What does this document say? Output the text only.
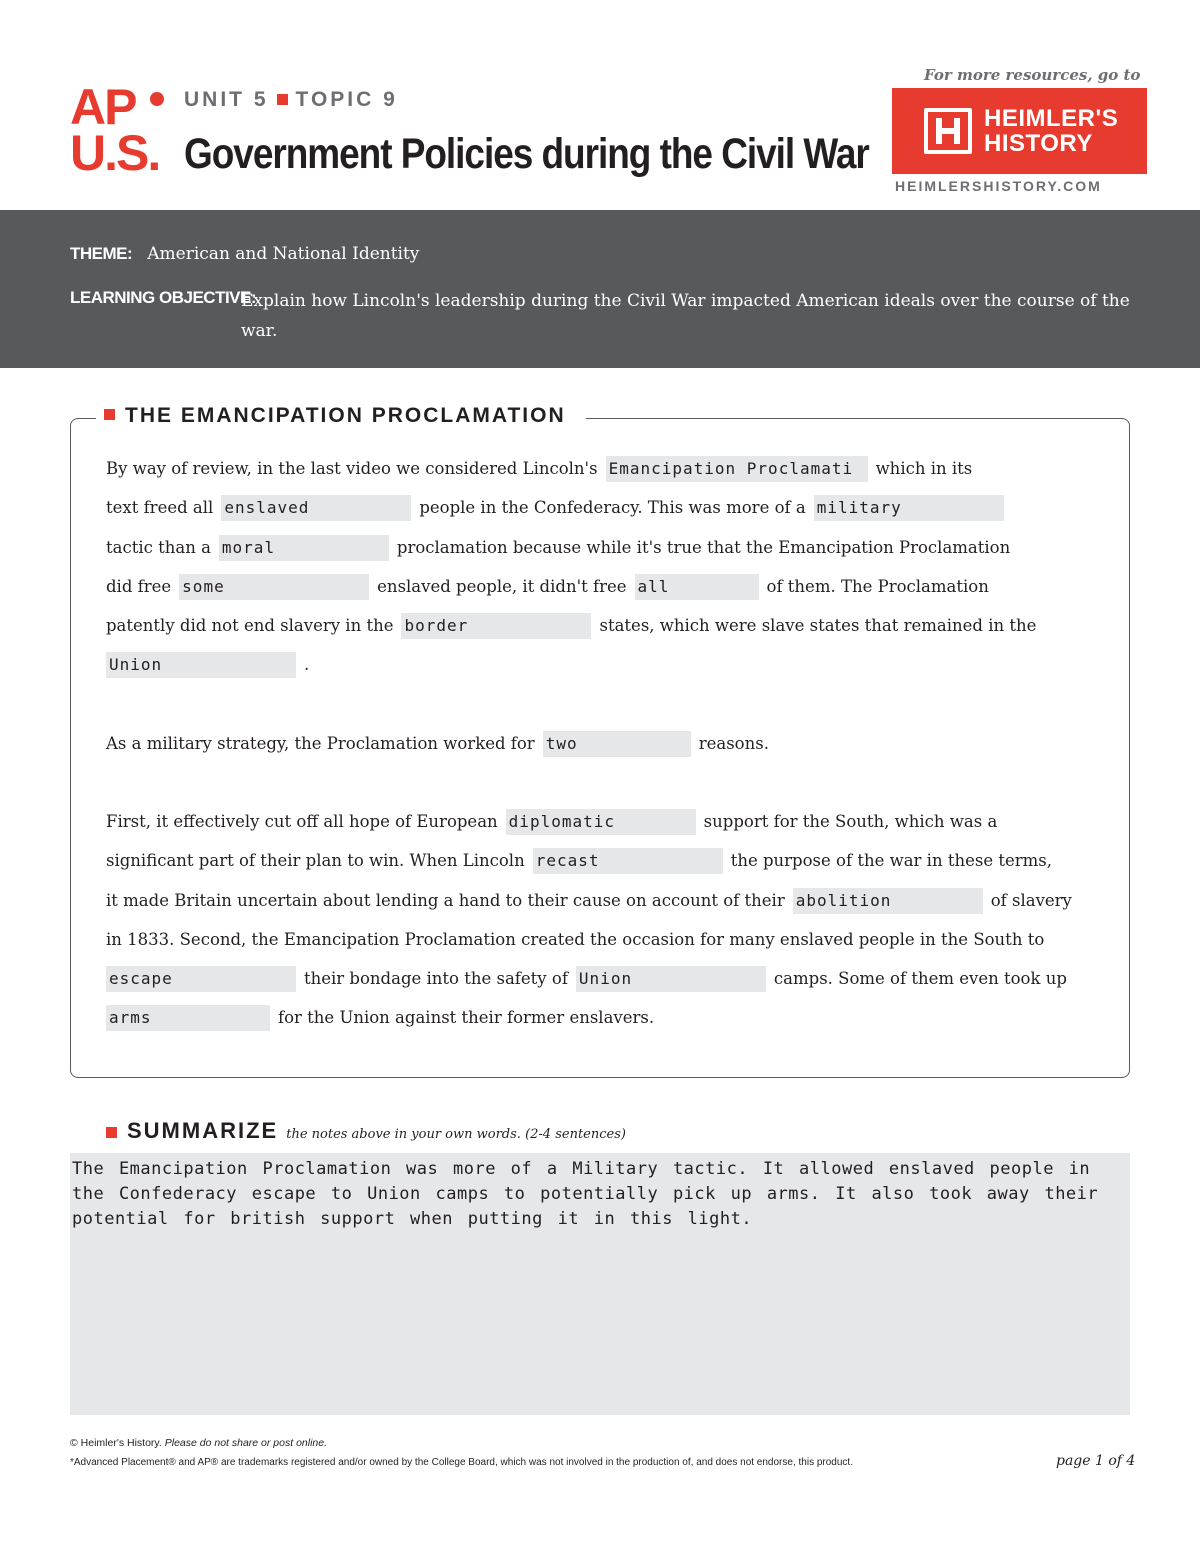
AP
U.S.
UNIT 5 TOPIC 9
Government Policies during the Civil War
For more resources, go to
HEIMLER'S
HISTORY
HEIMLERSHISTORY.COM
THEME: American and National Identity
LEARNING OBJECTIVE:
Explain how Lincoln's leadership during the Civil War impacted American ideals over the course of the war.
THE EMANCIPATION PROCLAMATION
By way of review, in the last video we considered Lincoln's Emancipation Proclamati which in its
text freed all enslaved	people in the Confederacy. This was more of a military
tactic than a moral	proclamation because while it's true that the Emancipation Proclamation
did free some	enslaved people, it didn't free all	of them. The Proclamation
patently did not end slavery in the border	states, which were slave states that remained in the
Union	.
As a military strategy, the Proclamation worked for two	reasons.
First, it effectively cut off all hope of European diplomatic	support for the South, which was a
significant part of their plan to win. When Lincoln recast	the purpose of the war in these terms,
it made Britain uncertain about lending a hand to their cause on account of their abolition	of slavery
in 1833. Second, the Emancipation Proclamation created the occasion for many enslaved people in the South to
escape	their bondage into the safety of Union	camps. Some of them even took up
arms	for the Union against their former enslavers.
SUMMARIZE the notes above in your own words. (2-4 sentences)
The Emancipation Proclamation was more of a Military tactic. It allowed enslaved people in the Confederacy escape to Union camps to potentially pick up arms. It also took away their potential for british support when putting it in this light.
© Heimler's History. Please do not share or post online.
*Advanced Placement® and AP® are trademarks registered and/or owned by the College Board, which was not involved in the production of, and does not endorse, this product.	page 1 of 4
